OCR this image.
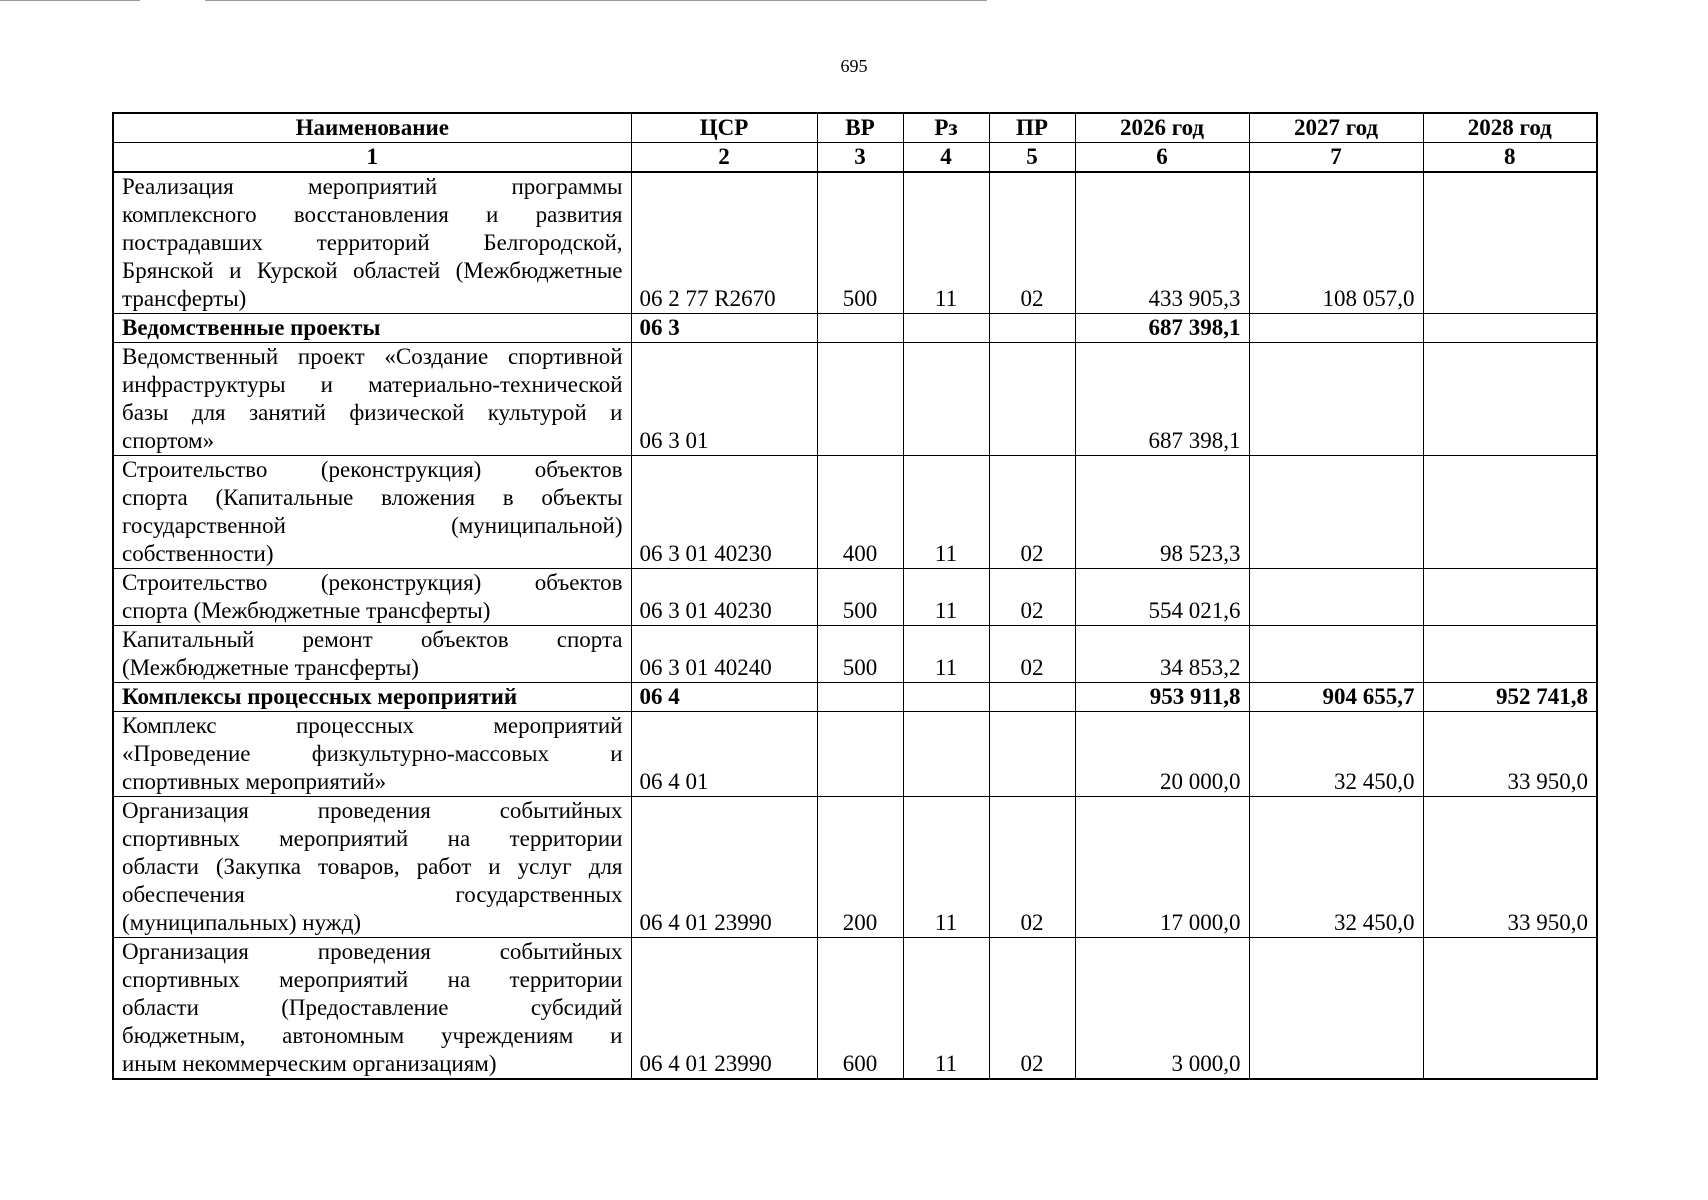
695
Наименование	ЦСР	ВР	Рз	ПР	2026 год	2027 год	2028 год
1	2	3	4	5	6	7	8

Реализация мероприятий программы
комплексного восстановления и развития
пострадавших территорий Белгородской,
Брянской и Курской областей (Межбюджетные
трансферты)	06 2 77 R2670	500	11	02	433 905,3	108 057,0	

Ведомственные проекты	06 3				687 398,1		

Ведомственный проект «Создание спортивной
инфраструктуры и материально-технической
базы для занятий физической культурой и
спортом»	06 3 01				687 398,1		

Строительство (реконструкция) объектов
спорта (Капитальные вложения в объекты
государственной (муниципальной)
собственности)	06 3 01 40230	400	11	02	98 523,3		

Строительство (реконструкция) объектов
спорта (Межбюджетные трансферты)	06 3 01 40230	500	11	02	554 021,6		

Капитальный ремонт объектов спорта
(Межбюджетные трансферты)	06 3 01 40240	500	11	02	34 853,2		

Комплексы процессных мероприятий	06 4				953 911,8	904 655,7	952 741,8

Комплекс процессных мероприятий
«Проведение физкультурно-массовых и
спортивных мероприятий»	06 4 01				20 000,0	32 450,0	33 950,0

Организация проведения событийных
спортивных мероприятий на территории
области (Закупка товаров, работ и услуг для
обеспечения государственных
(муниципальных) нужд)	06 4 01 23990	200	11	02	17 000,0	32 450,0	33 950,0

Организация проведения событийных
спортивных мероприятий на территории
области (Предоставление субсидий
бюджетным, автономным учреждениям и
иным некоммерческим организациям)	06 4 01 23990	600	11	02	3 000,0		
